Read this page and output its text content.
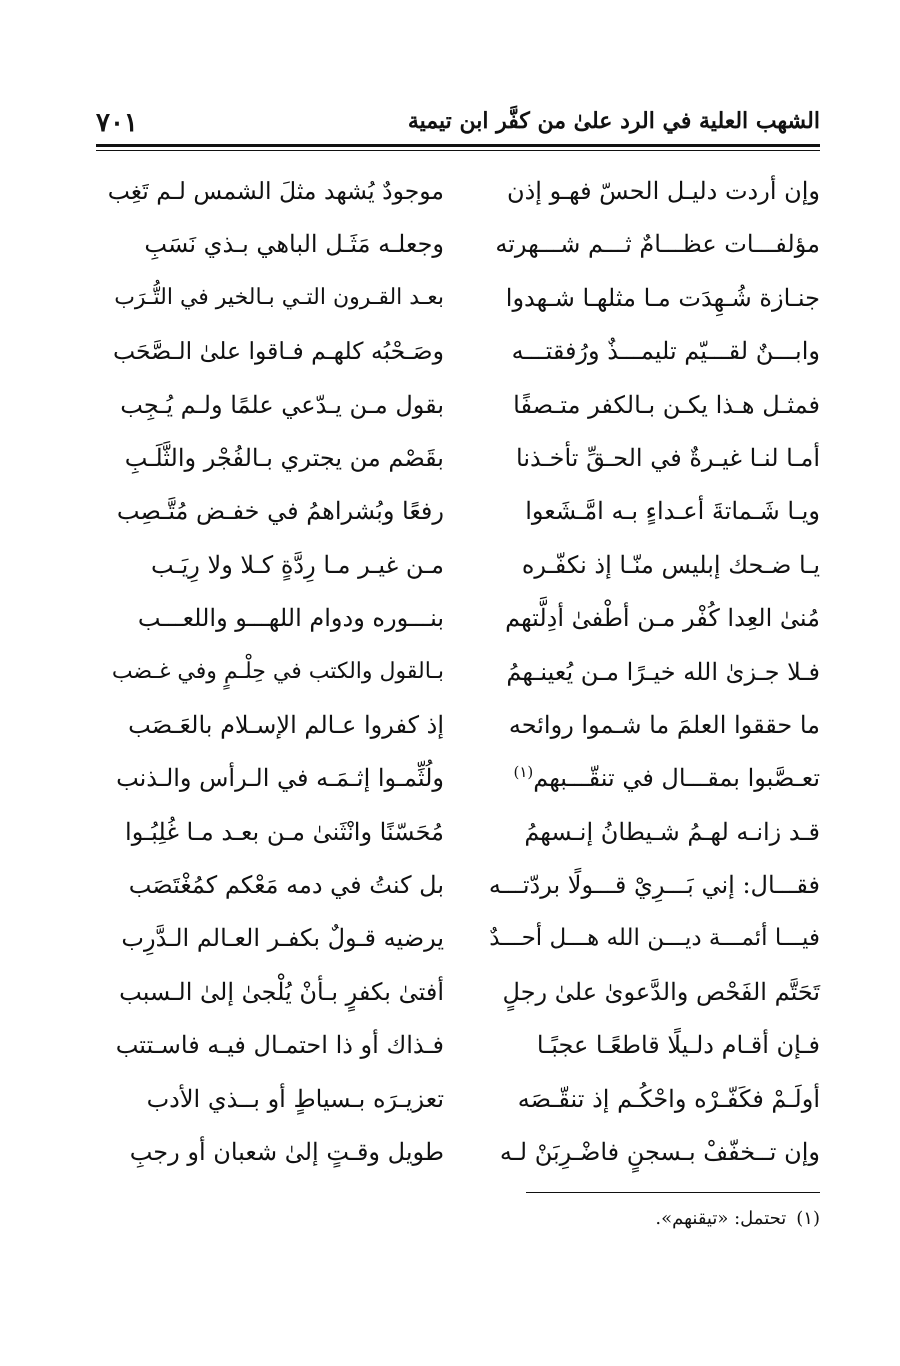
الشهب العلية في الرد علىٰ من كفَّر ابن تيمية
٧٠١
وإن أردت دليـل الحسّ فهـو إذن
موجودٌ يُشهد مثلَ الشمس لـم تَغِب
مؤلفـــات عظـــامٌ ثـــم شـــهرته
وجعلـه مَثَـل الباهي بـذي نَسَبِ
جنـازة شُـهِدَت مـا مثلهـا شـهدوا
بعـد القـرون التـي بـالخير في التُّـرَب
وابـــنٌ لقـــيّم تليمـــذٌ ورُفقتـــه
وصَـحْبُه كلهـم فـاقوا علىٰ الـصَّحَب
فمثـل هـذا يكـن بـالكفر متـصفًا
بقول مـن يـدّعي علمًا ولـم يُـجِب
أمـا لنـا غيـرةٌ في الحـقِّ تأخـذنا
بقَصْم من يجتري بـالفُجْر والثَّلَـبِ
ويـا شَـماتةَ أعـداءٍ بـه امَّـشَعوا
رفعًا وبُشراهمُ في خفـض مُتَّـصِب
يـا ضـحك إبليس منّـا إذ نكفّـره
مـن غيـر مـا رِدَّةٍ كـلا ولا رِيَـب
مُنىٰ العِدا كُفْر مـن أطْفىٰ أدِلَّتهم
بنـــوره ودوام اللهـــو واللعـــب
فـلا جـزىٰ الله خيـرًا مـن يُعينـهمُ
بـالقول والكتب في حِلْـمٍ وفي غـضب
ما حققوا العلمَ ما شـموا روائحه
إذ كفروا عـالم الإسـلام بالعَـصَب
تعـصَّبوا بمقـــال في تنقّـــبهم$^{(١)}$
ولُثِّمـوا إثـمَـه في الـرأس والـذنب
قـد زانـه لهـمُ شـيطانُ إنـسهمُ
مُحَسّنًا وانْثَنىٰ مـن بعـد مـا غُلِبُـوا
فقـــال: إني بَـــرِيْ قـــولًا بردّتـــه
بل كنتُ في دمه مَعْكم كمُغْتَصَب
فيـــا أئمـــة ديـــن الله هـــل أحـــدٌ
يرضيه قـولٌ بكفـر العـالم الـدَّرِب
تَحَتَّم الفَحْص والدَّعوىٰ علىٰ رجلٍ
أفتىٰ بكفرٍ بـأنْ يُلْجىٰ إلىٰ الـسبب
فـإن أقـام دلـيلًا قاطعًـا عجبًـا
فـذاك أو ذا احتمـال فيـه فاسـتتب
أولَـمْ فكَفّـرْه واحْكُـم إذ تنقّـصَه
تعزيـرَه بـسياطٍ أو بــذي الأدب
وإن تــخفّفْ بـسجنٍ فاضْـرِبَنْ لـه
طويل وقـتٍ إلىٰ شعبان أو رجبِ
(١)تحتمل: «تيقنهم».
